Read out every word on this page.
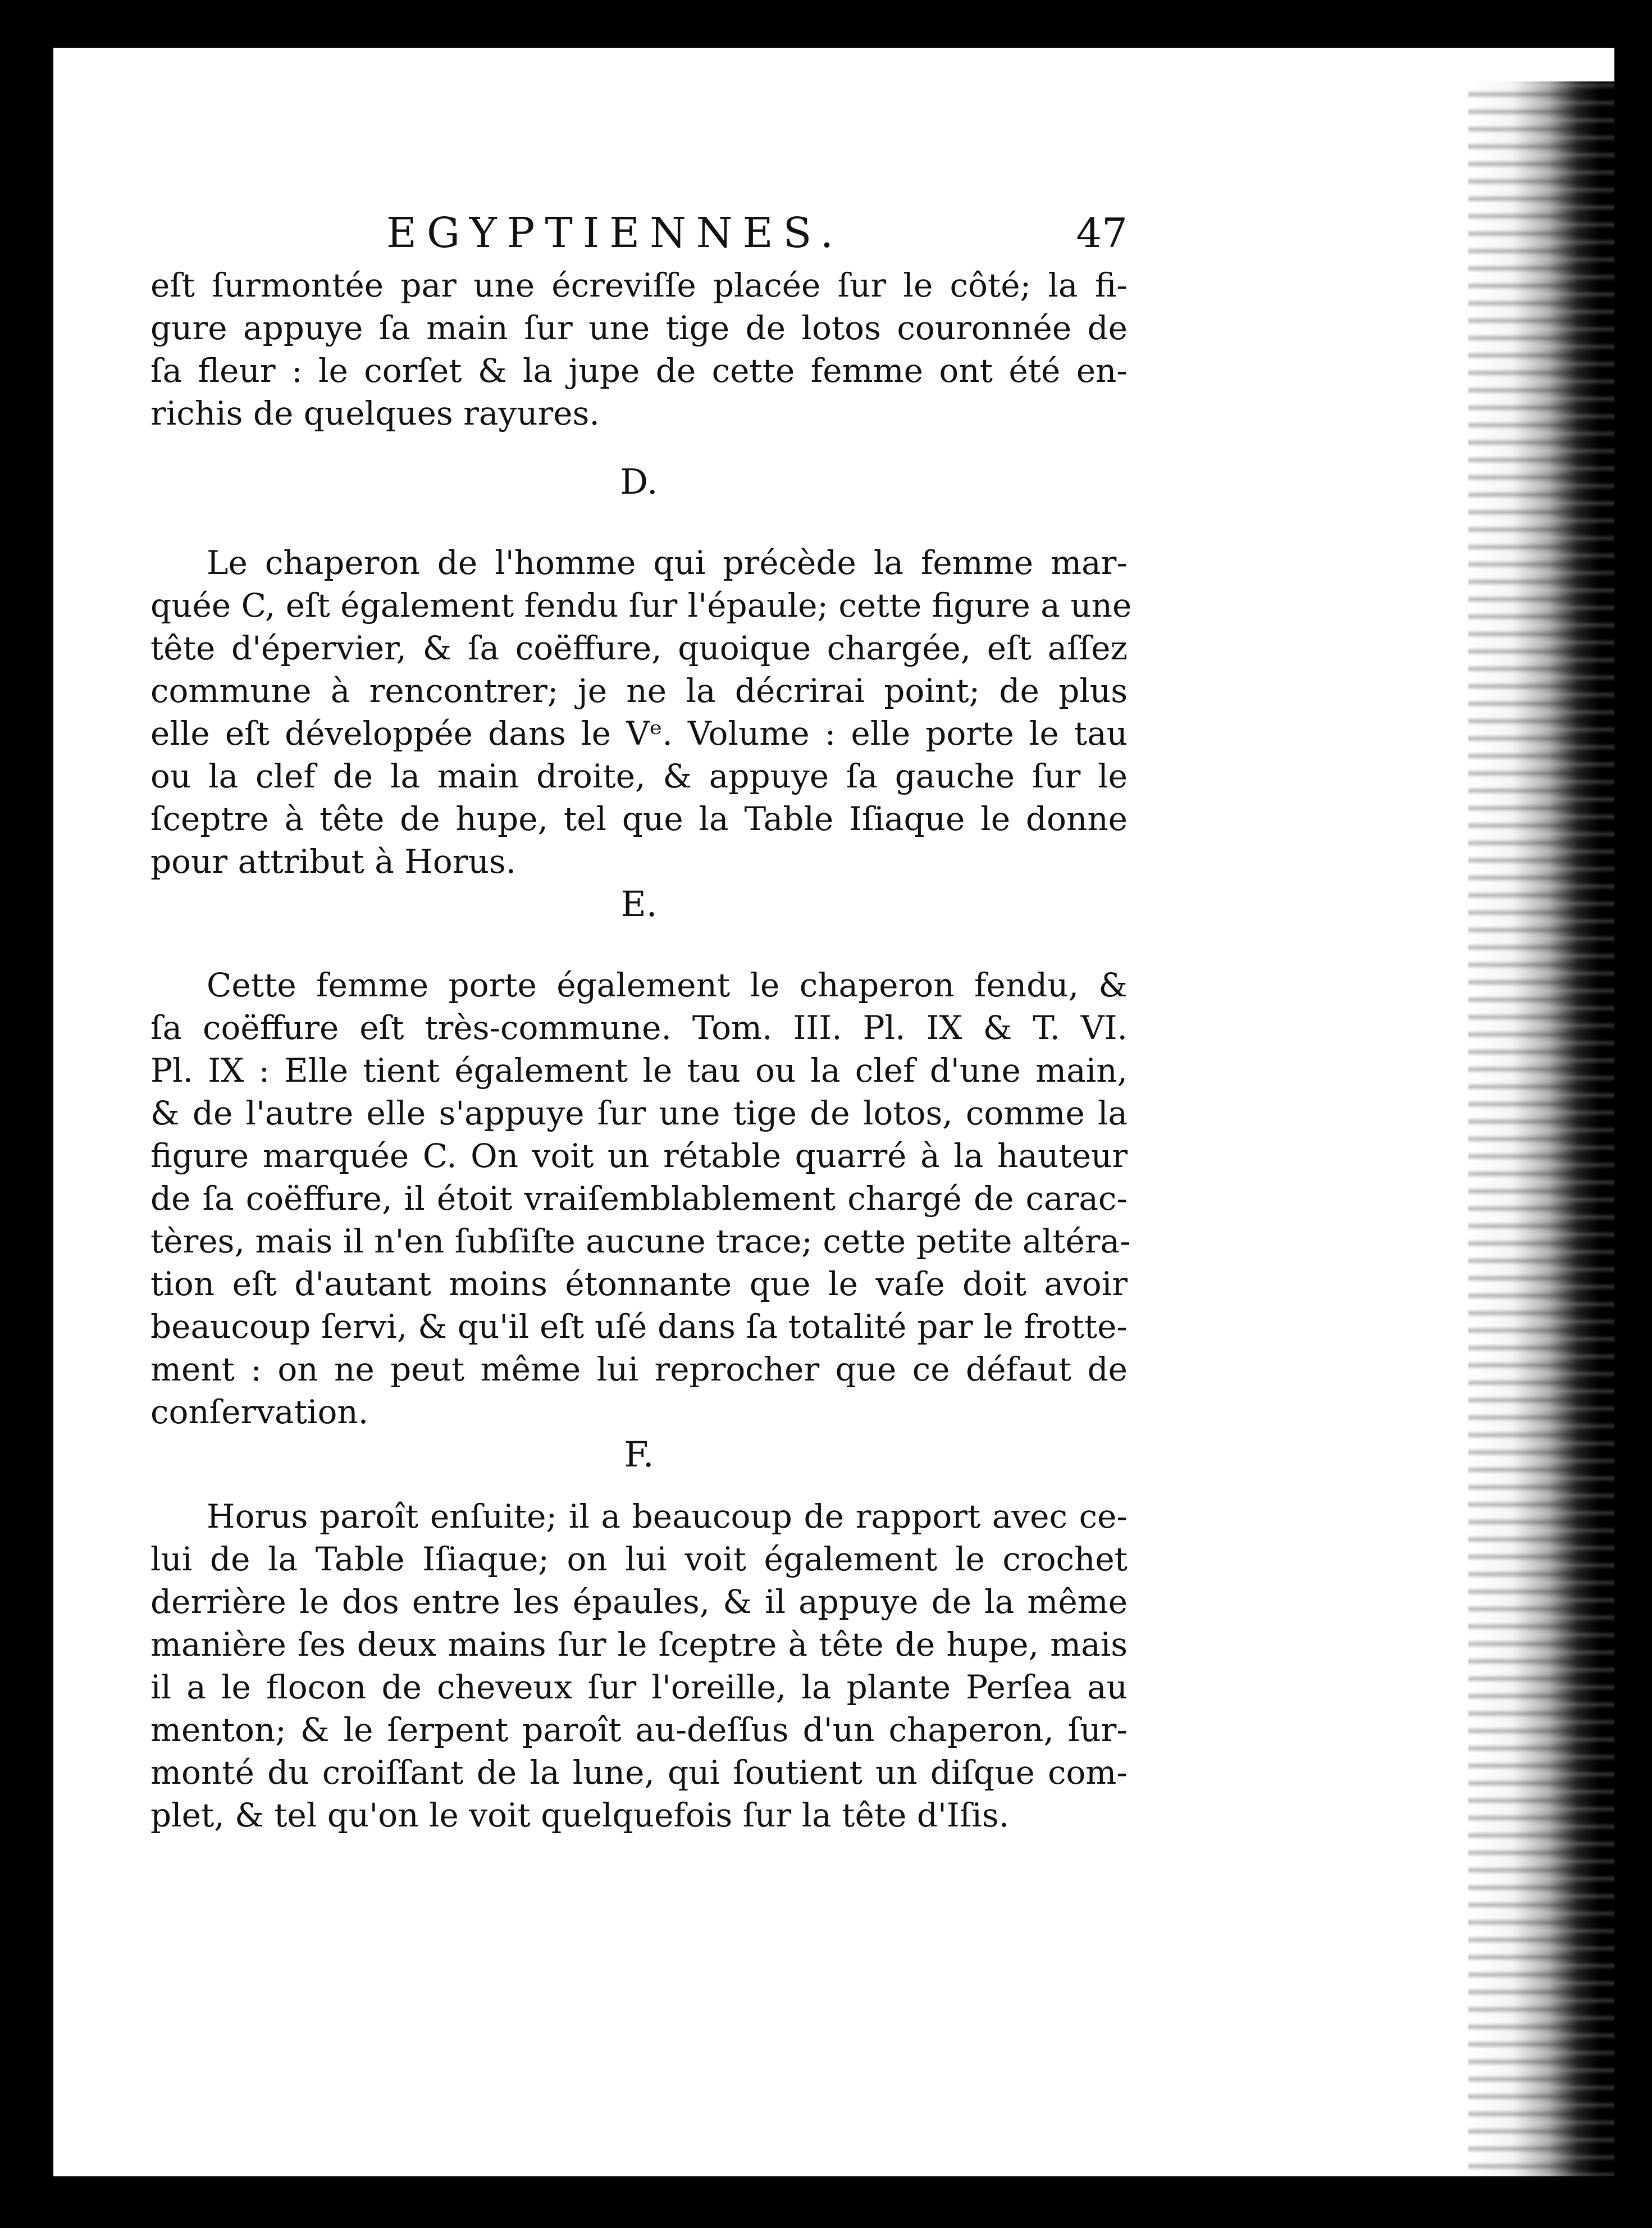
EGYPTIENNES.	47

eſt ſurmontée par une écreviſſe placée ſur le côté; la fi-

gure appuye ſa main ſur une tige de lotos couronnée de

ſa fleur : le corſet & la jupe de cette femme ont été en-

richis de quelques rayures.

D.

Le chaperon de l'homme qui précède la femme mar-

quée C, eſt également fendu ſur l'épaule; cette figure a une

tête d'épervier, & ſa coëffure, quoique chargée, eſt aſſez

commune à rencontrer; je ne la décrirai point; de plus

elle eſt développée dans le Vᵉ. Volume : elle porte le tau

ou la clef de la main droite, & appuye ſa gauche ſur le

ſceptre à tête de hupe, tel que la Table Iſiaque le donne

pour attribut à Horus.

E.

Cette femme porte également le chaperon fendu, &

ſa coëffure eſt très-commune. Tom. III. Pl. IX & T. VI.

Pl. IX : Elle tient également le tau ou la clef d'une main,

& de l'autre elle s'appuye ſur une tige de lotos, comme la

figure marquée C. On voit un rétable quarré à la hauteur

de ſa coëffure, il étoit vraiſemblablement chargé de carac-

tères, mais il n'en ſubſiſte aucune trace; cette petite altéra-

tion eſt d'autant moins étonnante que le vaſe doit avoir

beaucoup ſervi, & qu'il eſt uſé dans ſa totalité par le frotte-

ment : on ne peut même lui reprocher que ce défaut de

conſervation.

F.

Horus paroît enſuite; il a beaucoup de rapport avec ce-

lui de la Table Iſiaque; on lui voit également le crochet

derrière le dos entre les épaules, & il appuye de la même

manière ſes deux mains ſur le ſceptre à tête de hupe, mais

il a le flocon de cheveux ſur l'oreille, la plante Perſea au

menton; & le ſerpent paroît au-deſſus d'un chaperon, ſur-

monté du croiſſant de la lune, qui ſoutient un diſque com-

plet, & tel qu'on le voit quelquefois ſur la tête d'Iſis.
